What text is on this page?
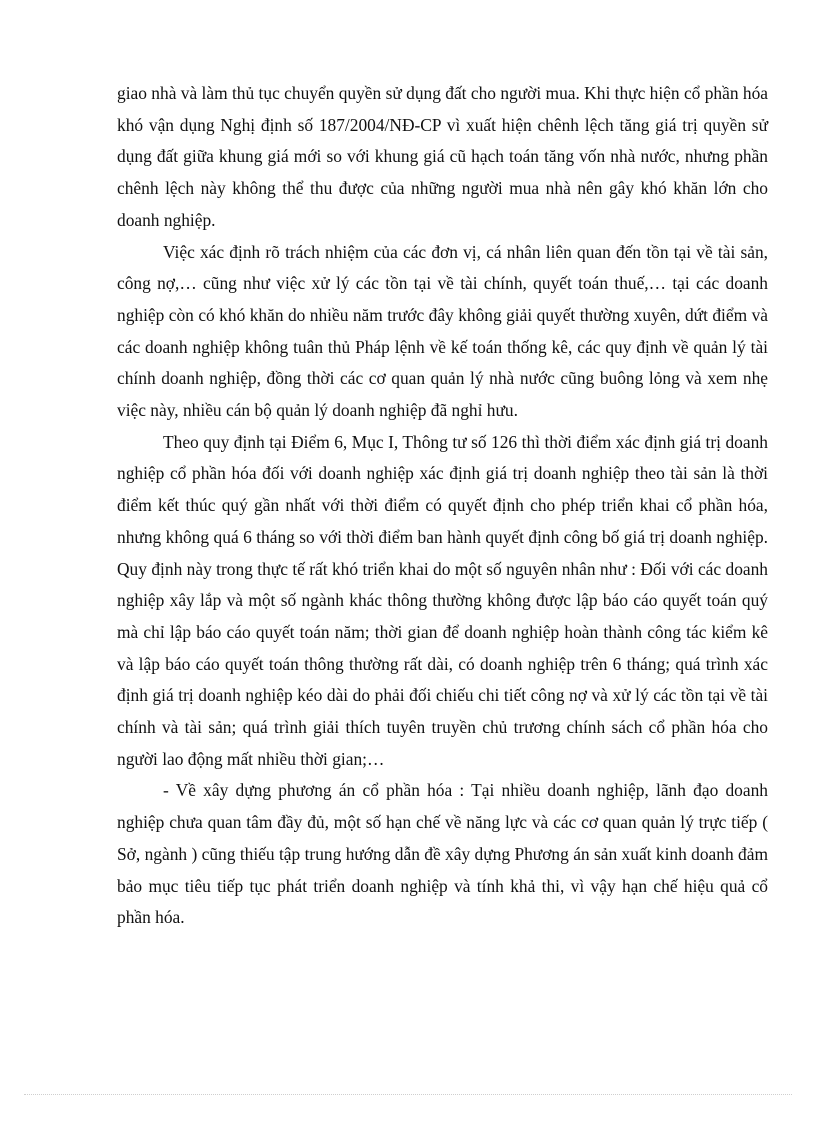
giao nhà và làm thủ tục chuyển quyền sử dụng đất cho người mua. Khi thực hiện cổ phần hóa khó vận dụng Nghị định số 187/2004/NĐ-CP vì xuất hiện chênh lệch tăng giá trị quyền sử dụng đất giữa khung giá mới so với khung giá cũ hạch toán tăng vốn nhà nước, nhưng phần chênh lệch này không thể thu được của những người mua nhà nên gây khó khăn lớn cho doanh nghiệp.

Việc xác định rõ trách nhiệm của các đơn vị, cá nhân liên quan đến tồn tại về tài sản, công nợ,… cũng như việc xử lý các tồn tại về tài chính, quyết toán thuế,… tại các doanh nghiệp còn có khó khăn do nhiều năm trước đây không giải quyết thường xuyên, dứt điểm và các doanh nghiệp không tuân thủ Pháp lệnh về kế toán thống kê, các quy định về quản lý tài chính doanh nghiệp, đồng thời các cơ quan quản lý nhà nước cũng buông lỏng và xem nhẹ việc này, nhiều cán bộ quản lý doanh nghiệp đã nghỉ hưu.

Theo quy định tại Điểm 6, Mục I, Thông tư số 126 thì thời điểm xác định giá trị doanh nghiệp cổ phần hóa đối với doanh nghiệp xác định giá trị doanh nghiệp theo tài sản là thời điểm kết thúc quý gần nhất với thời điểm có quyết định cho phép triển khai cổ phần hóa, nhưng không quá 6 tháng so với thời điểm ban hành quyết định công bố giá trị doanh nghiệp. Quy định này trong thực tế rất khó triển khai do một số nguyên nhân như : Đối với các doanh nghiệp xây lắp và một số ngành khác thông thường không được lập báo cáo quyết toán quý mà chỉ lập báo cáo quyết toán năm; thời gian để doanh nghiệp hoàn thành công tác kiểm kê và lập báo cáo quyết toán thông thường rất dài, có doanh nghiệp trên 6 tháng; quá trình xác định giá trị doanh nghiệp kéo dài do phải đối chiếu chi tiết công nợ và xử lý các tồn tại về tài chính và tài sản; quá trình giải thích tuyên truyền chủ trương chính sách cổ phần hóa cho người lao động mất nhiều thời gian;…

- Về xây dựng phương án cổ phần hóa : Tại nhiều doanh nghiệp, lãnh đạo doanh nghiệp chưa quan tâm đầy đủ, một số hạn chế về năng lực và các cơ quan quản lý trực tiếp ( Sở, ngành ) cũng thiếu tập trung hướng dẫn đề xây dựng Phương án sản xuất kinh doanh đảm bảo mục tiêu tiếp tục phát triển doanh nghiệp và tính khả thi, vì vậy hạn chế hiệu quả cổ phần hóa.
